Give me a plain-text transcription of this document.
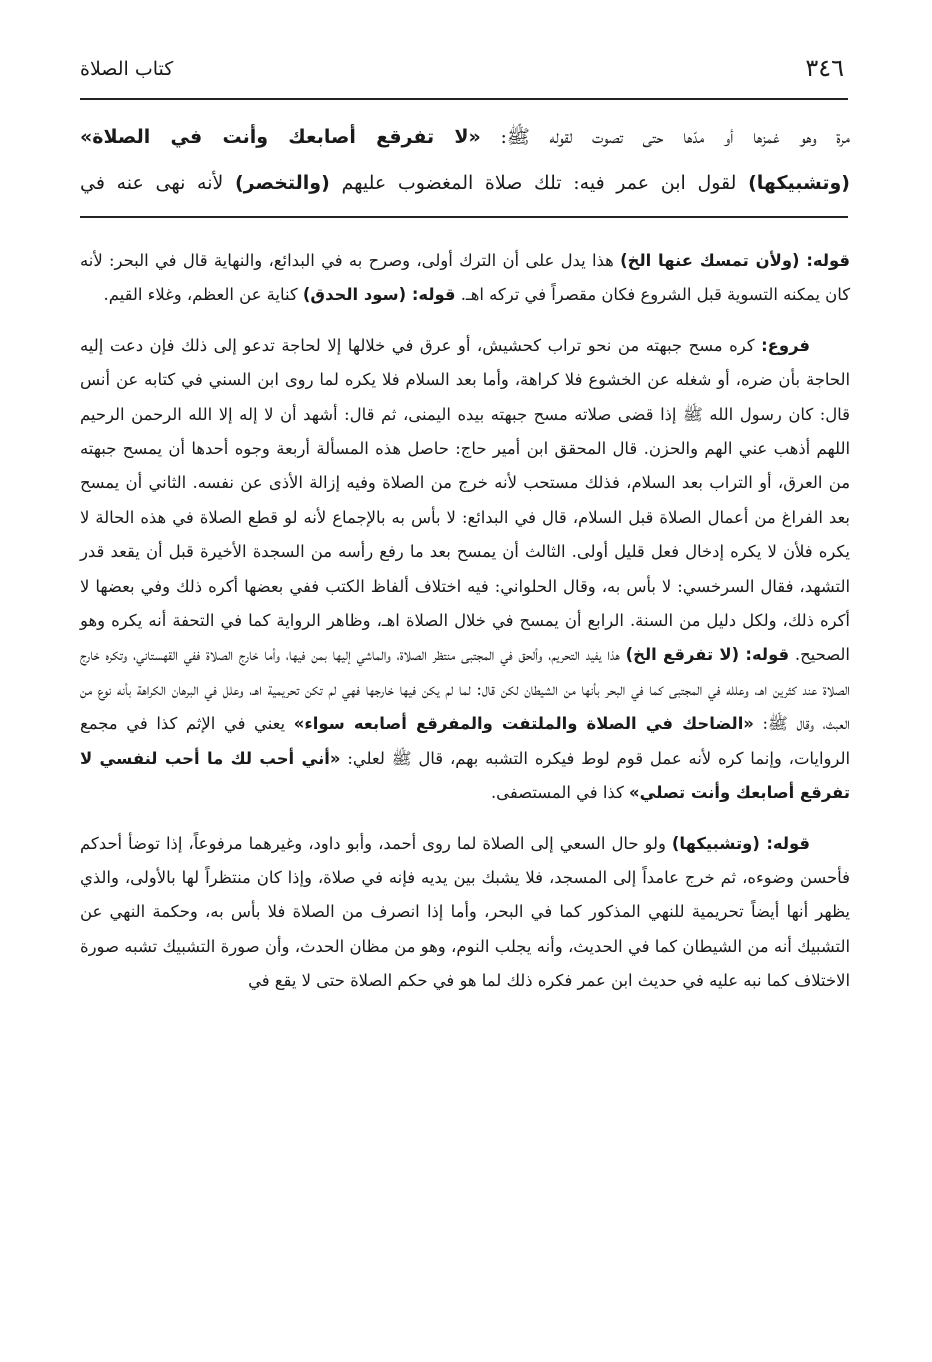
٣٤٦
كتاب الصلاة

مرة وهو غمزها أو مدّها حتى تصوت لقوله ﷺ: «لا تفرقع أصابعك وأنت في الصلاة»

(وتشبيكها) لقول ابن عمر فيه: تلك صلاة المغضوب عليهم (والتخصر) لأنه نهى عنه في

قوله: (ولأن تمسك عنها الخ) هذا يدل على أن الترك أولى، وصرح به في البدائع، والنهاية قال في البحر: لأنه كان يمكنه التسوية قبل الشروع فكان مقصراً في تركه اهـ. قوله: (سود الحدق) كناية عن العظم، وغلاء القيم.

فروع: كره مسح جبهته من نحو تراب كحشيش، أو عرق في خلالها إلا لحاجة تدعو إلى ذلك فإن دعت إليه الحاجة بأن ضره، أو شغله عن الخشوع فلا كراهة، وأما بعد السلام فلا يكره لما روى ابن السني في كتابه عن أنس قال: كان رسول الله ﷺ إذا قضى صلاته مسح جبهته بيده اليمنى، ثم قال: أشهد أن لا إله إلا الله الرحمن الرحيم اللهم أذهب عني الهم والحزن. قال المحقق ابن أمير حاج: حاصل هذه المسألة أربعة وجوه أحدها أن يمسح جبهته من العرق، أو التراب بعد السلام، فذلك مستحب لأنه خرج من الصلاة وفيه إزالة الأذى عن نفسه. الثاني أن يمسح بعد الفراغ من أعمال الصلاة قبل السلام، قال في البدائع: لا بأس به بالإجماع لأنه لو قطع الصلاة في هذه الحالة لا يكره فلأن لا يكره إدخال فعل قليل أولى. الثالث أن يمسح بعد ما رفع رأسه من السجدة الأخيرة قبل أن يقعد قدر التشهد، فقال السرخسي: لا بأس به، وقال الحلواني: فيه اختلاف ألفاظ الكتب ففي بعضها أكره ذلك وفي بعضها لا أكره ذلك، ولكل دليل من السنة. الرابع أن يمسح في خلال الصلاة اهـ، وظاهر الرواية كما في التحفة أنه يكره وهو الصحيح. قوله: (لا تفرقع الخ) هذا يفيد التحريم، وألحق في المجتبى منتظر الصلاة، والماشي إليها بمن فيها، وأما خارج الصلاة ففي القهستاني، وتكره خارج الصلاة عند كثرين اهـ، وعلله في المجتبى كما في البحر بأنها من الشيطان لكن قال: لما لم يكن فيها خارجها فهي لم تكن تحريمية اهـ، وعلل في البرهان الكراهة بأنه نوع من العبث، وقال ﷺ: «الضاحك في الصلاة والملتفت والمفرقع أصابعه سواء» يعني في الإثم كذا في مجمع الروايات، وإنما كره لأنه عمل قوم لوط فيكره التشبه بهم، قال ﷺ لعلي: «أني أحب لك ما أحب لنفسي لا تفرقع أصابعك وأنت تصلي» كذا في المستصفى.

قوله: (وتشبيكها) ولو حال السعي إلى الصلاة لما روى أحمد، وأبو داود، وغيرهما مرفوعاً، إذا توضأ أحدكم فأحسن وضوءه، ثم خرج عامداً إلى المسجد، فلا يشبك بين يديه فإنه في صلاة، وإذا كان منتظراً لها بالأولى، والذي يظهر أنها أيضاً تحريمية للنهي المذكور كما في البحر، وأما إذا انصرف من الصلاة فلا بأس به، وحكمة النهي عن التشبيك أنه من الشيطان كما في الحديث، وأنه يجلب النوم، وهو من مظان الحدث، وأن صورة التشبيك تشبه صورة الاختلاف كما نبه عليه في حديث ابن عمر فكره ذلك لما هو في حكم الصلاة حتى لا يقع في
